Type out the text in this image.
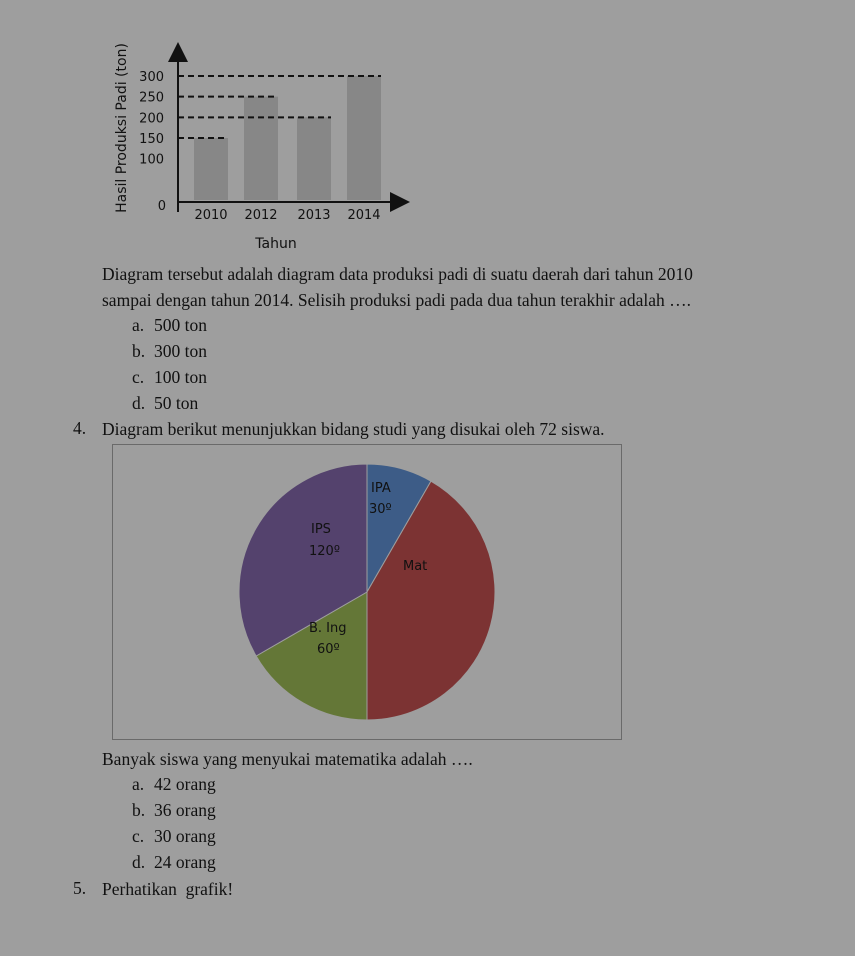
300
250
200
150
100
0
2010 2012 2013 2014
Hasil Produksi Padi (ton)
Tahun
Diagram tersebut adalah diagram data produksi padi di suatu daerah dari tahun 2010
sampai dengan tahun 2014. Selisih produksi padi pada dua tahun terakhir adalah ….
a. 500 ton
b. 300 ton
c. 100 ton
d. 50 ton
4. Diagram berikut menunjukkan bidang studi yang disukai oleh 72 siswa.
IPA
30º
IPS
120º
Mat
B. Ing
60º
Banyak siswa yang menyukai matematika adalah ….
a. 42 orang
b. 36 orang
c. 30 orang
d. 24 orang
5. Perhatikan  grafik!
